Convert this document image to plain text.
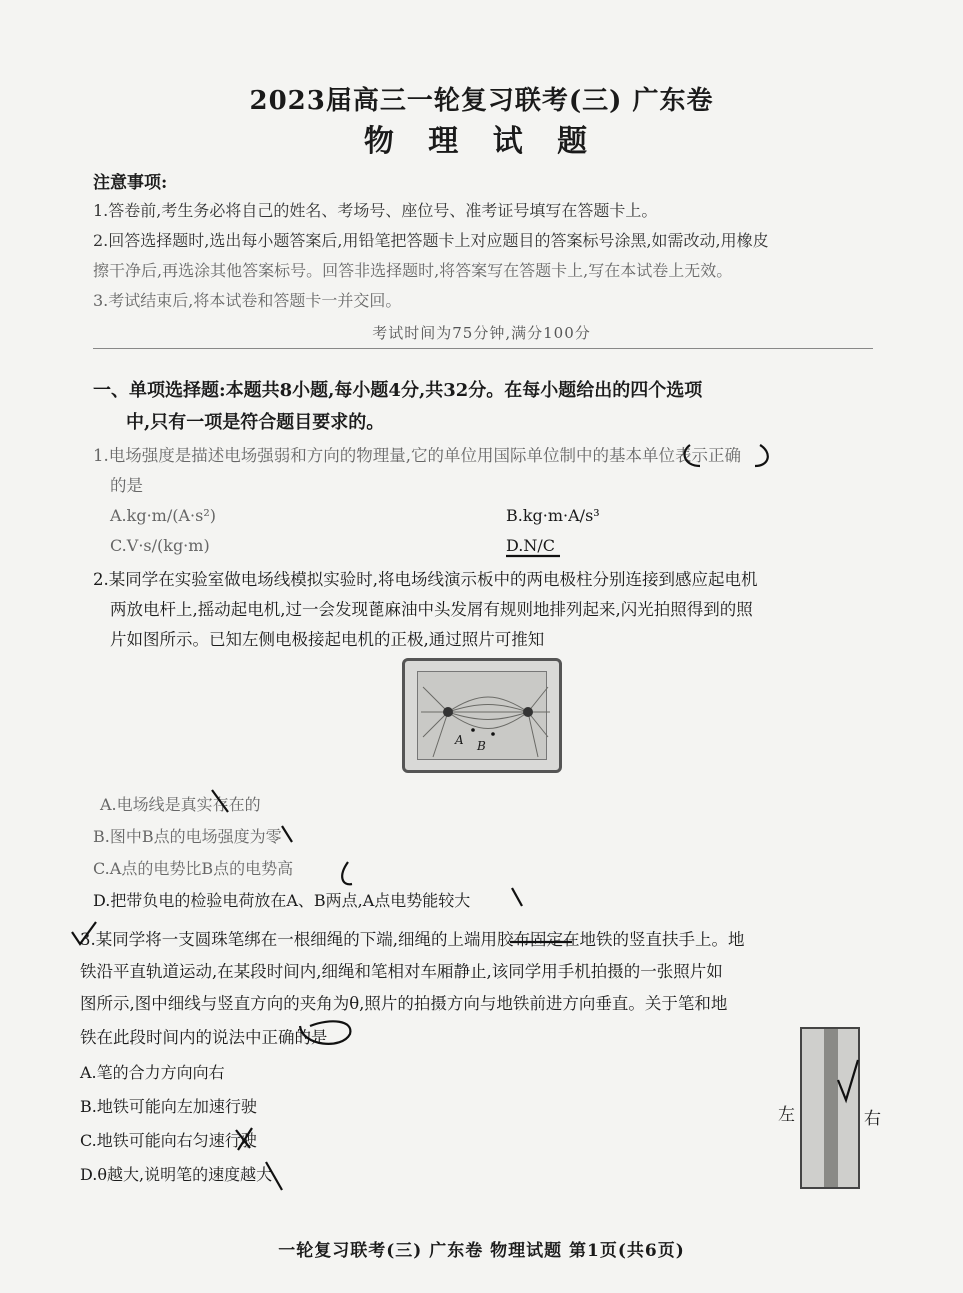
2023届高三一轮复习联考(三) 广东卷
物 理 试 题
注意事项:
1.答卷前,考生务必将自己的姓名、考场号、座位号、准考证号填写在答题卡上。
2.回答选择题时,选出每小题答案后,用铅笔把答题卡上对应题目的答案标号涂黑,如需改动,用橡皮
擦干净后,再选涂其他答案标号。回答非选择题时,将答案写在答题卡上,写在本试卷上无效。
3.考试结束后,将本试卷和答题卡一并交回。
考试时间为75分钟,满分100分
一、单项选择题:本题共8小题,每小题4分,共32分。在每小题给出的四个选项
中,只有一项是符合题目要求的。
1.电场强度是描述电场强弱和方向的物理量,它的单位用国际单位制中的基本单位表示正确
的是
A.kg·m/(A·s²)	B.kg·m·A/s³
C.V·s/(kg·m)	D.N/C
2.某同学在实验室做电场线模拟实验时,将电场线演示板中的两电极柱分别连接到感应起电机
两放电杆上,摇动起电机,过一会发现蓖麻油中头发屑有规则地排列起来,闪光拍照得到的照
片如图所示。已知左侧电极接起电机的正极,通过照片可推知
A B
A.电场线是真实存在的
B.图中B点的电场强度为零
C.A点的电势比B点的电势高
D.把带负电的检验电荷放在A、B两点,A点电势能较大
3.某同学将一支圆珠笔绑在一根细绳的下端,细绳的上端用胶布固定在地铁的竖直扶手上。地
铁沿平直轨道运动,在某段时间内,细绳和笔相对车厢静止,该同学用手机拍摄的一张照片如
图所示,图中细线与竖直方向的夹角为θ,照片的拍摄方向与地铁前进方向垂直。关于笔和地
铁在此段时间内的说法中正确的是
左	右
A.笔的合力方向向右
B.地铁可能向左加速行驶
C.地铁可能向右匀速行驶
D.θ越大,说明笔的速度越大
一轮复习联考(三) 广东卷 物理试题 第1页(共6页)
